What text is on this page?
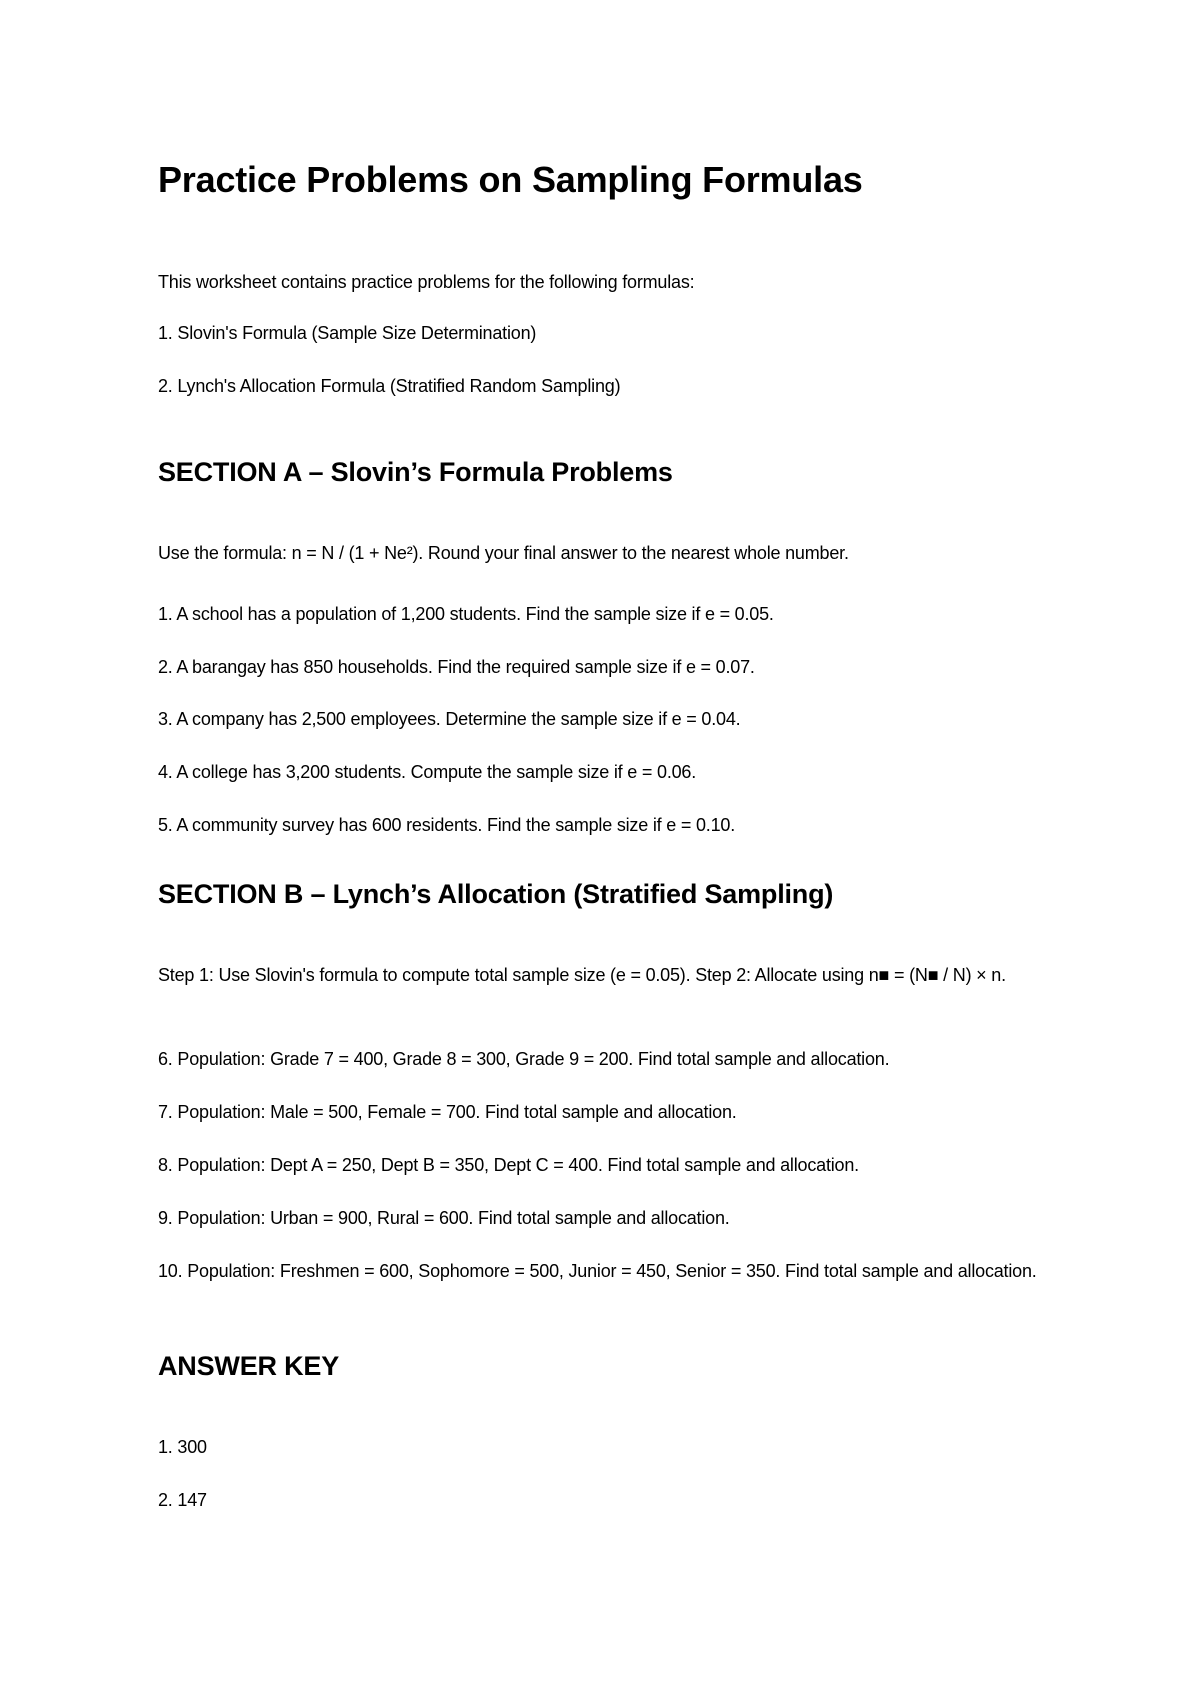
Practice Problems on Sampling Formulas

This worksheet contains practice problems for the following formulas:

1. Slovin's Formula (Sample Size Determination)

2. Lynch's Allocation Formula (Stratified Random Sampling)

SECTION A – Slovin’s Formula Problems

Use the formula: n = N / (1 + Ne²). Round your final answer to the nearest whole number.

1. A school has a population of 1,200 students. Find the sample size if e = 0.05.

2. A barangay has 850 households. Find the required sample size if e = 0.07.

3. A company has 2,500 employees. Determine the sample size if e = 0.04.

4. A college has 3,200 students. Compute the sample size if e = 0.06.

5. A community survey has 600 residents. Find the sample size if e = 0.10.

SECTION B – Lynch’s Allocation (Stratified Sampling)

Step 1: Use Slovin's formula to compute total sample size (e = 0.05). Step 2: Allocate using n■ = (N■ / N) × n.

6. Population: Grade 7 = 400, Grade 8 = 300, Grade 9 = 200. Find total sample and allocation.

7. Population: Male = 500, Female = 700. Find total sample and allocation.

8. Population: Dept A = 250, Dept B = 350, Dept C = 400. Find total sample and allocation.

9. Population: Urban = 900, Rural = 600. Find total sample and allocation.

10. Population: Freshmen = 600, Sophomore = 500, Junior = 450, Senior = 350. Find total sample and allocation.

ANSWER KEY

1. 300

2. 147
